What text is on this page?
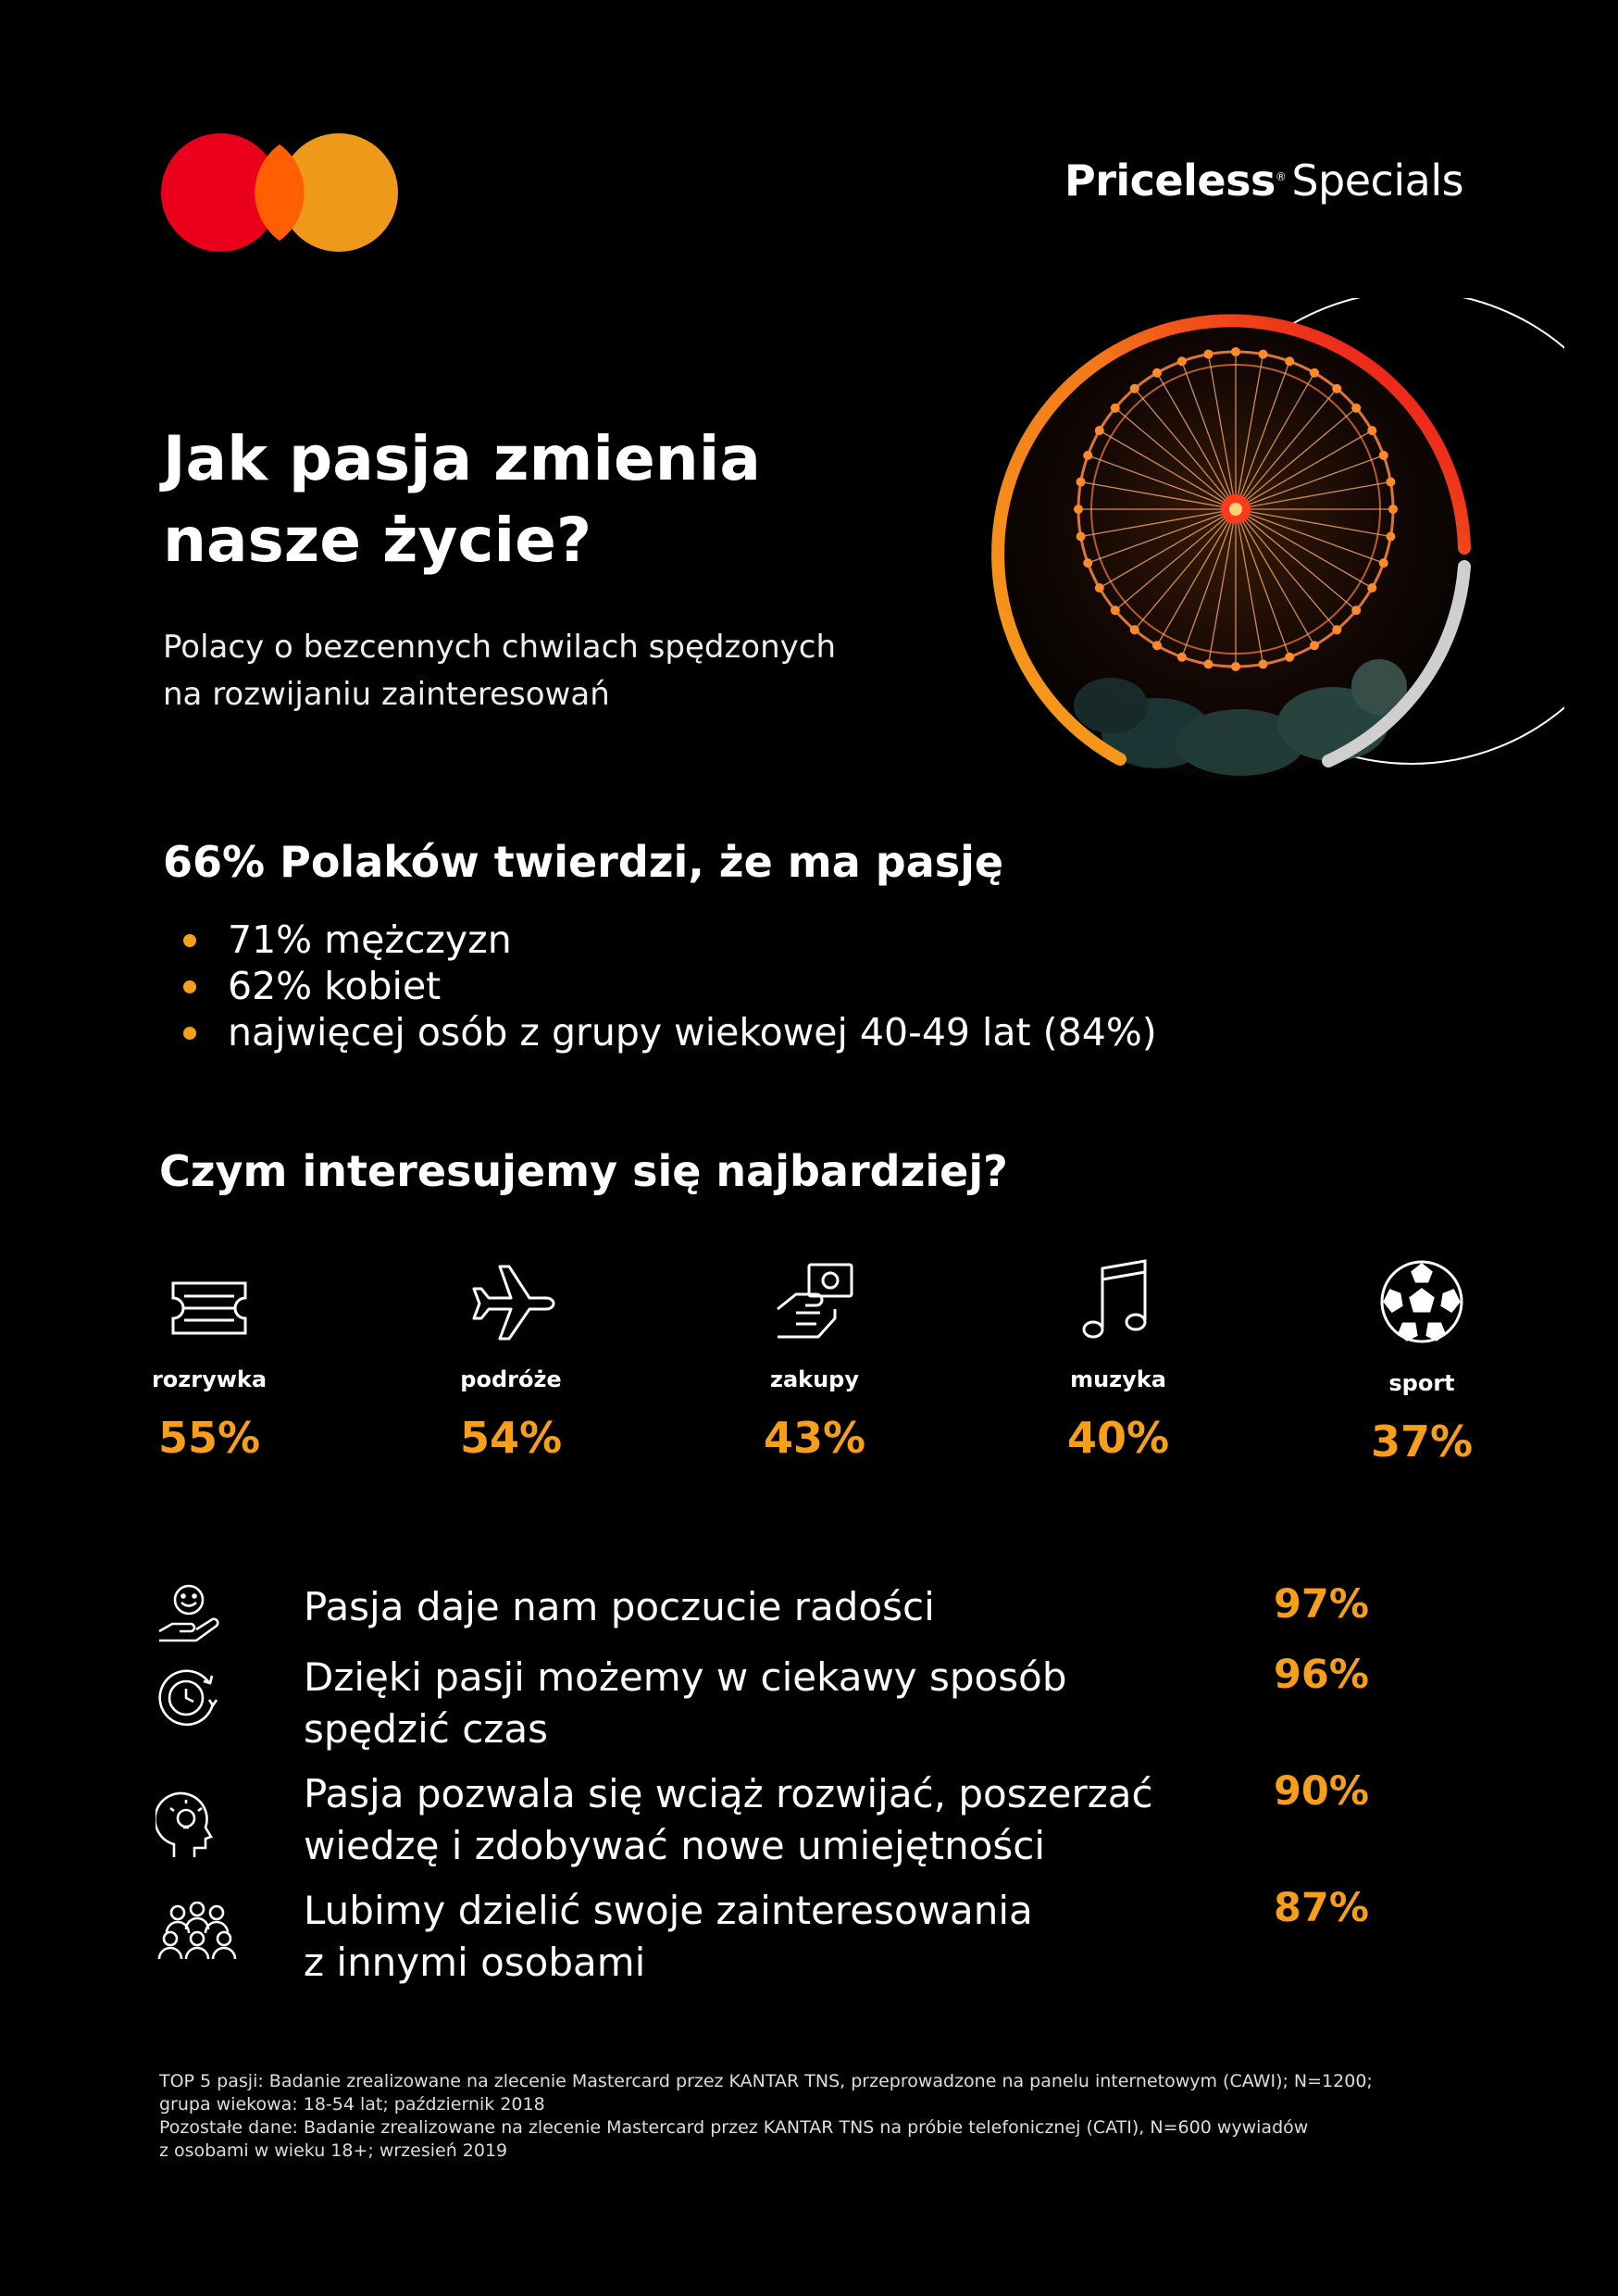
Priceless® Specials
Jak pasja zmienia
nasze życie?
Polacy o bezcennych chwilach spędzonych
na rozwijaniu zainteresowań
66% Polaków twierdzi, że ma pasję
71% mężczyzn
62% kobiet
najwięcej osób z grupy wiekowej 40-49 lat (84%)
Czym interesujemy się najbardziej?
rozrywka
55%
podróże
54%
zakupy
43%
muzyka
40%
sport
37%
Pasja daje nam poczucie radości	97%
Dzięki pasji możemy w ciekawy sposób
spędzić czas
96%
Pasja pozwala się wciąż rozwijać, poszerzać
wiedzę i zdobywać nowe umiejętności
90%
Lubimy dzielić swoje zainteresowania
z innymi osobami
87%
TOP 5 pasji: Badanie zrealizowane na zlecenie Mastercard przez KANTAR TNS, przeprowadzone na panelu internetowym (CAWI); N=1200;
grupa wiekowa: 18-54 lat; październik 2018
Pozostałe dane: Badanie zrealizowane na zlecenie Mastercard przez KANTAR TNS na próbie telefonicznej (CATI), N=600 wywiadów
z osobami w wieku 18+; wrzesień 2019
